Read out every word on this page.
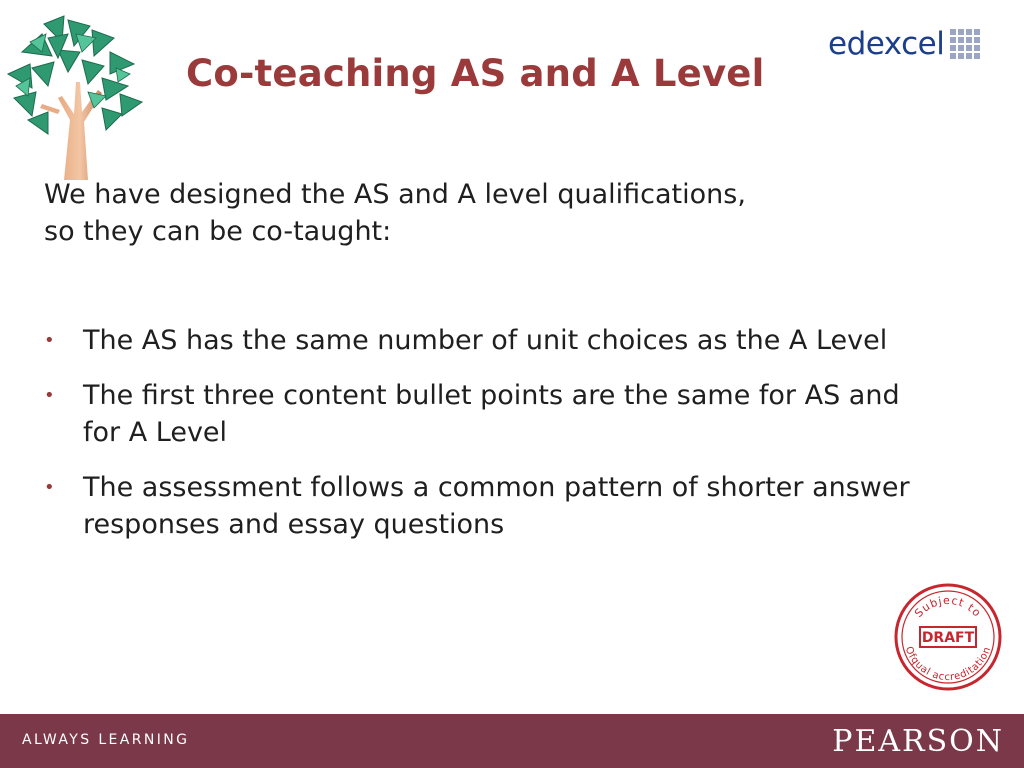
Co-teaching AS and A Level
edexcel
We have designed the AS and A level qualifications,
so they can be co-taught:
• The AS has the same number of unit choices as the A Level
• The first three content bullet points are the same for AS and for A Level
• The assessment follows a common pattern of shorter answer responses and essay questions
Subject to
DRAFT
Ofqual accreditation
ALWAYS LEARNING	PEARSON
